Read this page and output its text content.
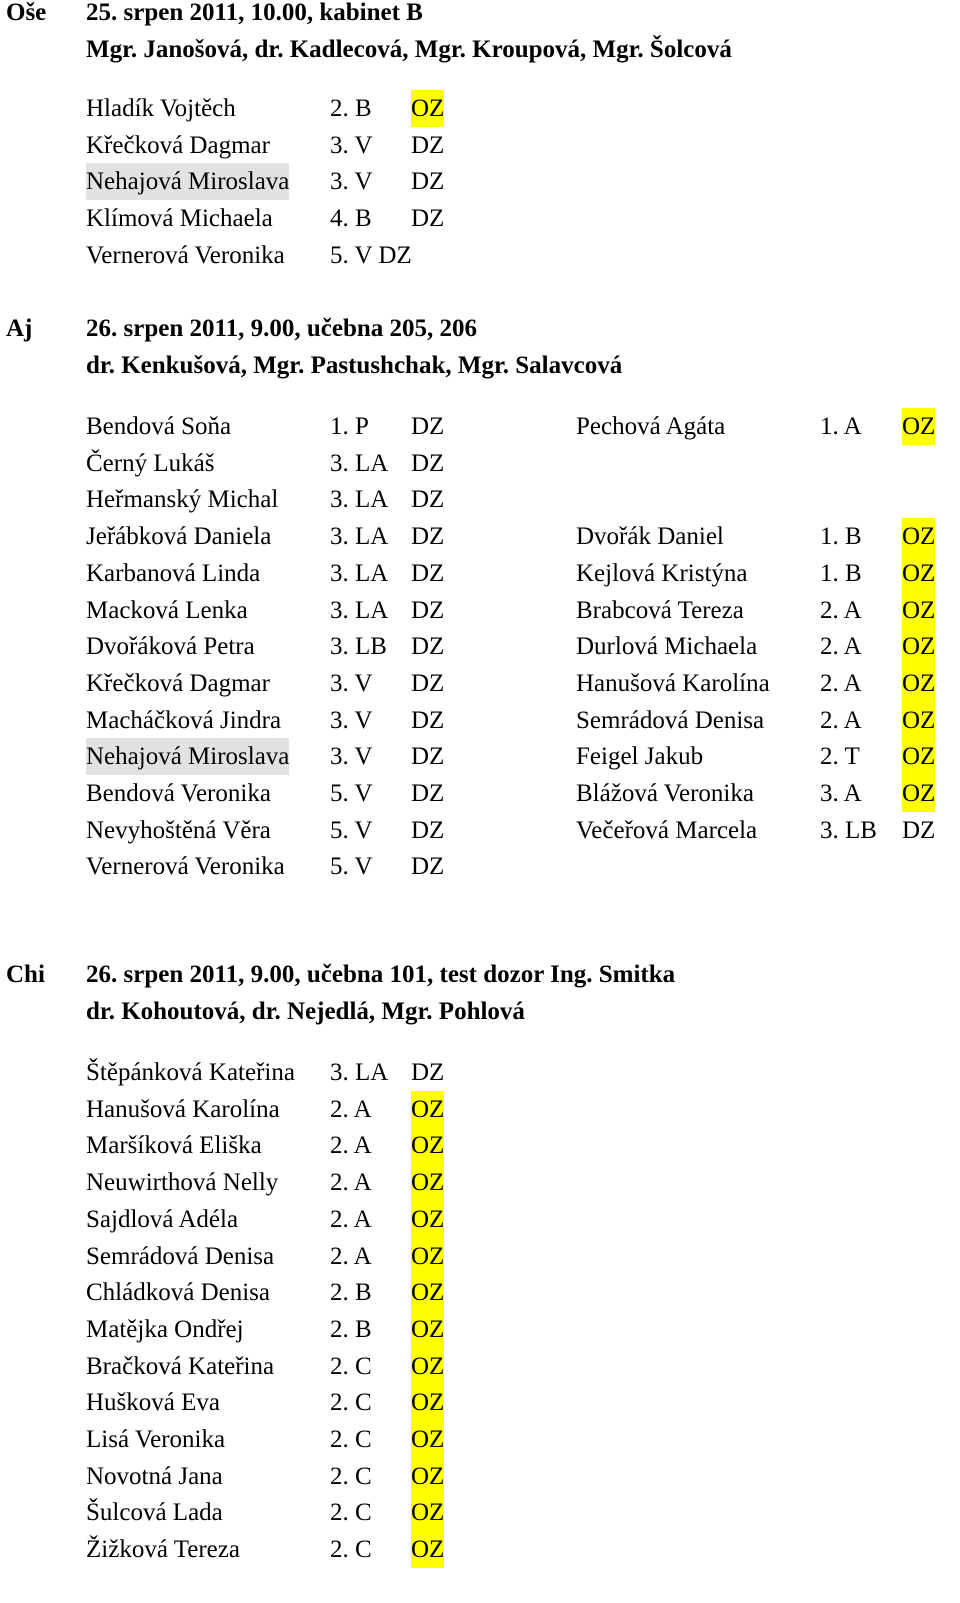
Oše 25. srpen 2011, 10.00, kabinet B
Mgr. Janošová, dr. Kadlecová, Mgr. Kroupová, Mgr. Šolcová
Hladík Vojtěch	2. B OZ
Křečková Dagmar 3. V DZ
Nehajová Miroslava 3. V DZ
Klímová Michaela 4. B DZ
Vernerová Veronika 5. V DZ
Aj 26. srpen 2011, 9.00, učebna 205, 206
dr. Kenkušová, Mgr. Pastushchak, Mgr. Salavcová
Bendová Soňa	1. P DZ	Pechová Agáta	1. A OZ
Černý Lukáš	3. LA DZ
Heřmanský Michal 3. LA DZ
Jeřábková Daniela 3. LA DZ	Dvořák Daniel	1. B OZ
Karbanová Linda	3. LA DZ	Kejlová Kristýna	1. B OZ
Macková Lenka	3. LA DZ	Brabcová Tereza	2. A OZ
Dvořáková Petra	3. LB DZ	Durlová Michaela	2. A OZ
Křečková Dagmar 3. V DZ	Hanušová Karolína 2. A OZ
Macháčková Jindra 3. V DZ	Semrádová Denisa 2. A OZ
Nehajová Miroslava 3. V DZ	Feigel Jakub	2. T OZ
Bendová Veronika 5. V DZ	Blážová Veronika	3. A OZ
Nevyhoštěná Věra 5. V DZ	Večeřová Marcela	3. LB DZ
Vernerová Veronika 5. V DZ
Chi 26. srpen 2011, 9.00, učebna 101, test dozor Ing. Smitka
dr. Kohoutová, dr. Nejedlá, Mgr. Pohlová
Štěpánková Kateřina 3. LA DZ
Hanušová Karolína 2. A OZ
Maršíková Eliška	2. A OZ
Neuwirthová Nelly 2. A OZ
Sajdlová Adéla	2. A OZ
Semrádová Denisa 2. A OZ
Chládková Denisa 2. B OZ
Matějka Ondřej	2. B OZ
Bračková Kateřina 2. C OZ
Hušková Eva	2. C OZ
Lisá Veronika	2. C OZ
Novotná Jana	2. C OZ
Šulcová Lada	2. C OZ
Žižková Tereza	2. C OZ
